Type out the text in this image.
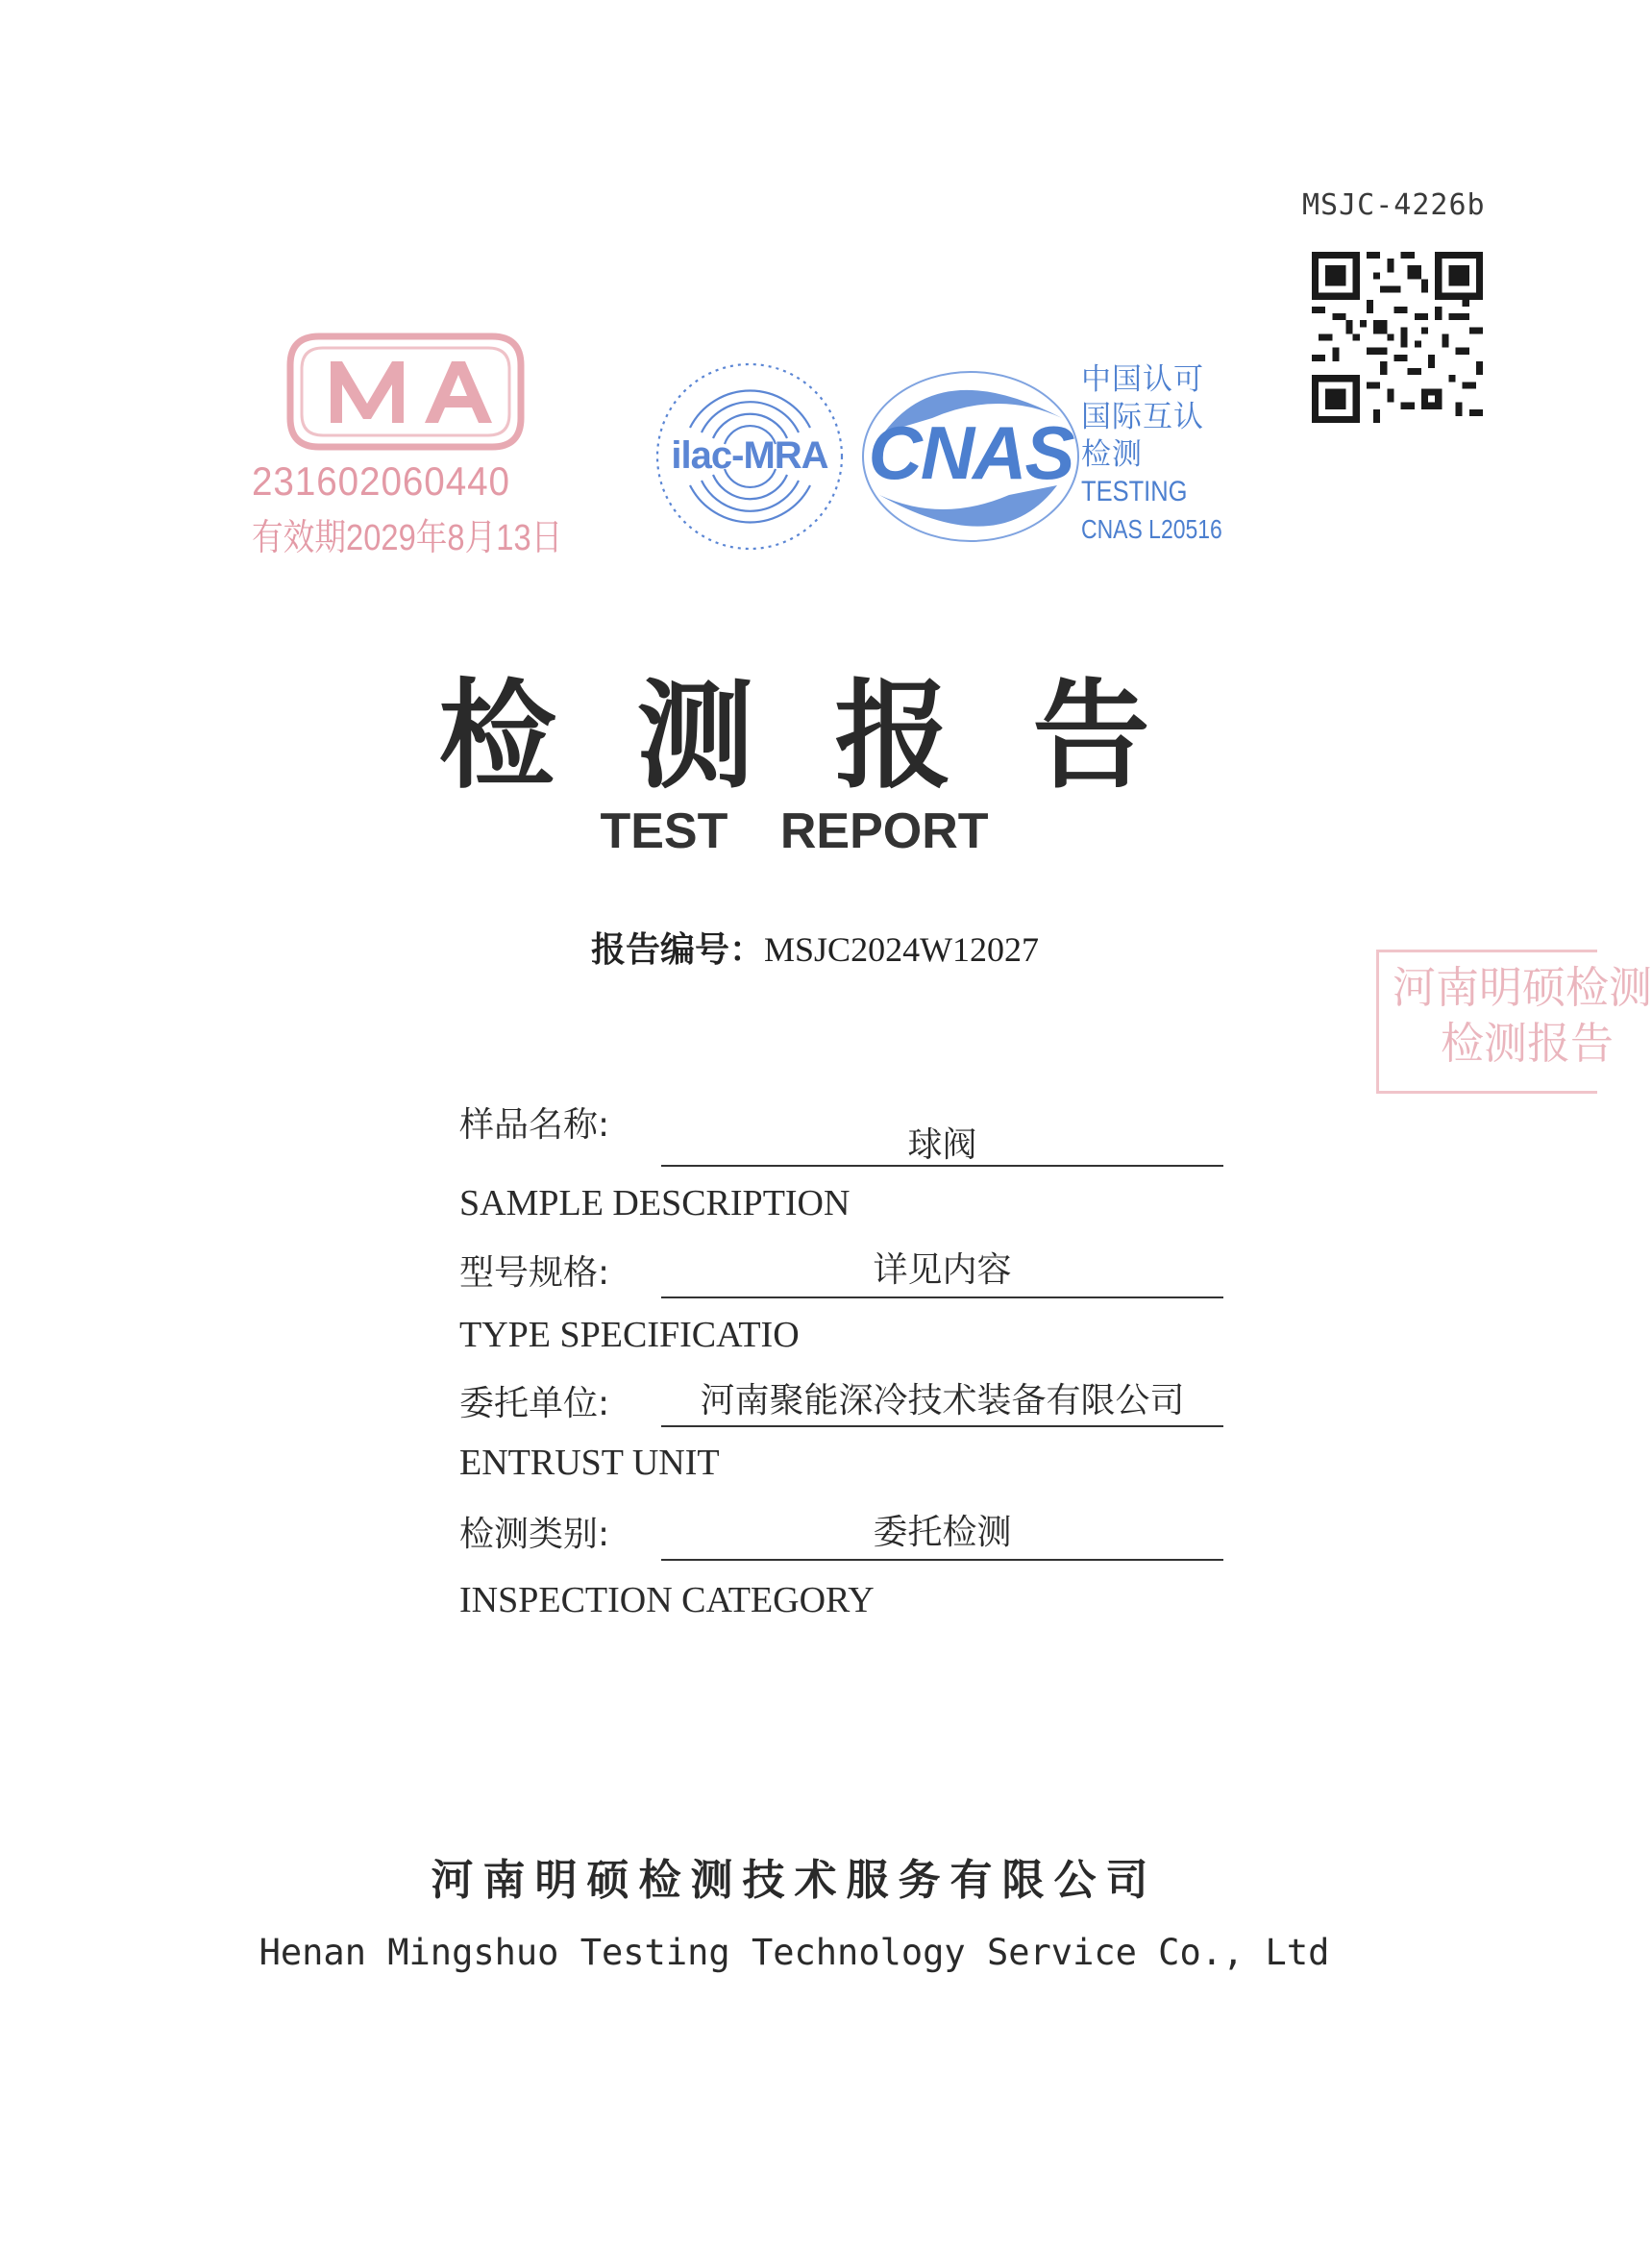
MSJC-4226b
231602060440
有效期2029年8月13日
ilac-MRA CNAS
中国认可
国际互认
检测
TESTING
CNAS L20516
检测报告
TEST REPORT
报告编号：MSJC2024W12027
河南明硕检测
检测报告
样品名称:
球阀
SAMPLE DESCRIPTION
型号规格:	详见内容
TYPE SPECIFICATIO
委托单位:	河南聚能深冷技术装备有限公司
ENTRUST UNIT
检测类别:	委托检测
INSPECTION CATEGORY
河南明硕检测技术服务有限公司
Henan Mingshuo Testing Technology Service Co., Ltd
